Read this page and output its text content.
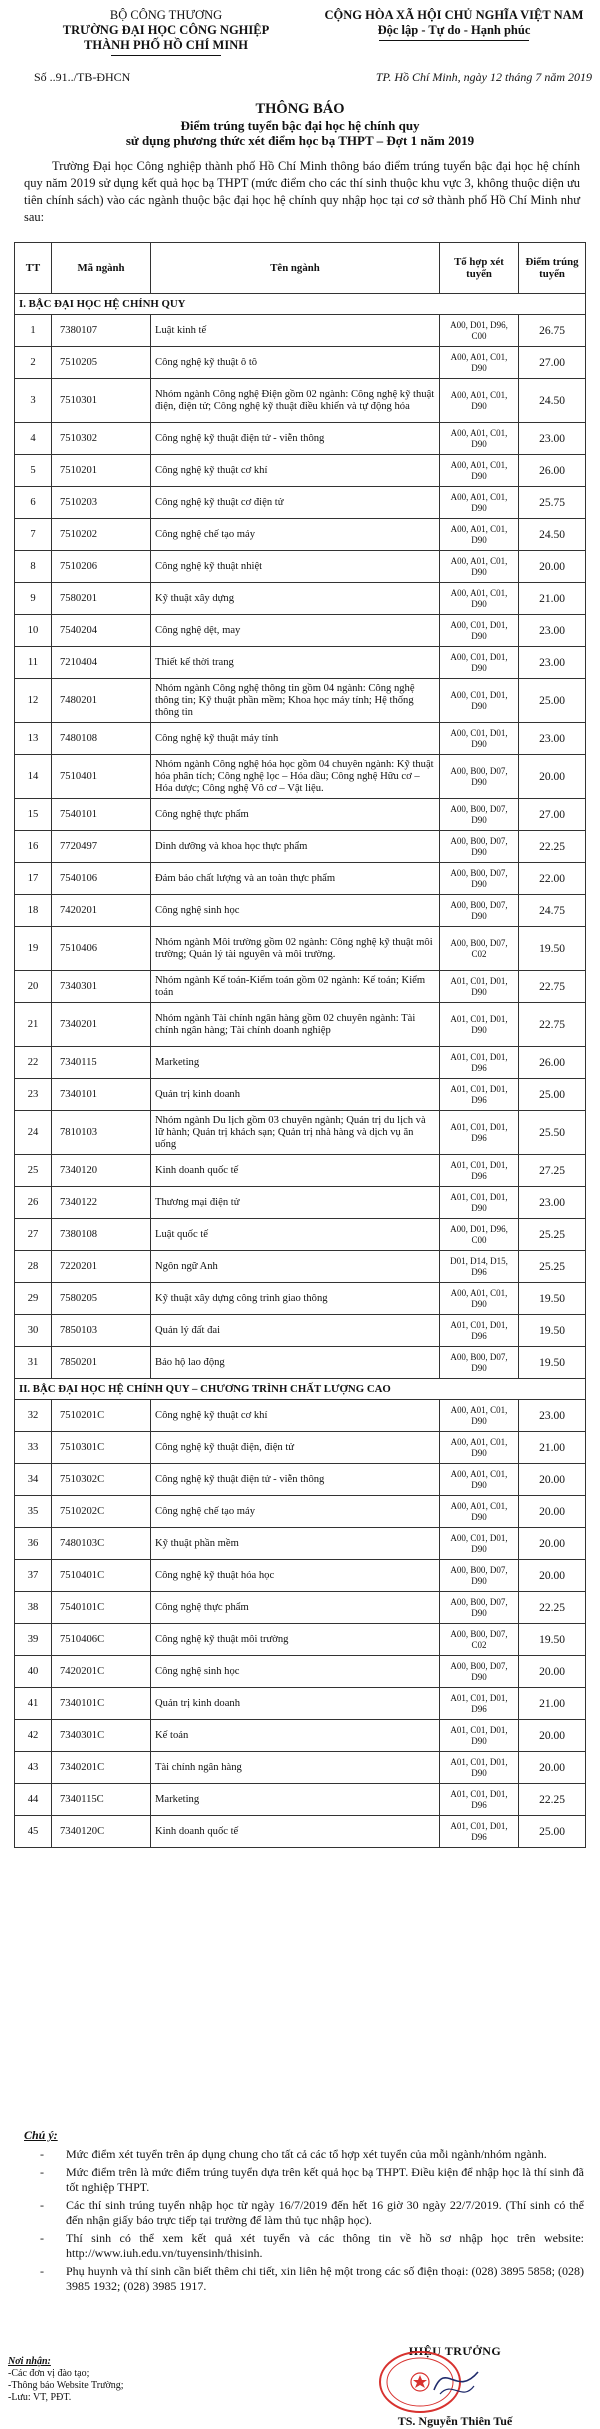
BỘ CÔNG THƯƠNG
TRƯỜNG ĐẠI HỌC CÔNG NGHIỆP
THÀNH PHỐ HỒ CHÍ MINH
CỘNG HÒA XÃ HỘI CHỦ NGHĨA VIỆT NAM
Độc lập - Tự do - Hạnh phúc
Số ..91../TB-ĐHCN	TP. Hồ Chí Minh, ngày 12 tháng 7 năm 2019
THÔNG BÁO
Điểm trúng tuyển bậc đại học hệ chính quy
sử dụng phương thức xét điểm học bạ THPT – Đợt 1 năm 2019
Trường Đại học Công nghiệp thành phố Hồ Chí Minh thông báo điểm trúng tuyển bậc đại học hệ chính quy năm 2019 sử dụng kết quả học bạ THPT (mức điểm cho các thí sinh thuộc khu vực 3, không thuộc diện ưu tiên chính sách) vào các ngành thuộc bậc đại học hệ chính quy nhập học tại cơ sở thành phố Hồ Chí Minh như sau:
TT	Mã ngành	Tên ngành	Tổ hợp xét tuyển	Điểm trúng tuyển
I. BẬC ĐẠI HỌC HỆ CHÍNH QUY				
1	7380107	Luật kinh tế	A00, D01, D96, C00	26.75
2	7510205	Công nghệ kỹ thuật ô tô	A00, A01, C01, D90	27.00
3	7510301	Nhóm ngành Công nghệ Điện gồm 02 ngành: Công nghệ kỹ thuật điện, điện tử; Công nghệ kỹ thuật điều khiển và tự động hóa	A00, A01, C01, D90	24.50
4	7510302	Công nghệ kỹ thuật điện tử - viễn thông	A00, A01, C01, D90	23.00
5	7510201	Công nghệ kỹ thuật cơ khí	A00, A01, C01, D90	26.00
6	7510203	Công nghệ kỹ thuật cơ điện tử	A00, A01, C01, D90	25.75
7	7510202	Công nghệ chế tạo máy	A00, A01, C01, D90	24.50
8	7510206	Công nghệ kỹ thuật nhiệt	A00, A01, C01, D90	20.00
9	7580201	Kỹ thuật xây dựng	A00, A01, C01, D90	21.00
10	7540204	Công nghệ dệt, may	A00, C01, D01, D90	23.00
11	7210404	Thiết kế thời trang	A00, C01, D01, D90	23.00
12	7480201	Nhóm ngành Công nghệ thông tin gồm 04 ngành: Công nghệ thông tin; Kỹ thuật phần mềm; Khoa học máy tính; Hệ thống thông tin	A00, C01, D01, D90	25.00
13	7480108	Công nghệ kỹ thuật máy tính	A00, C01, D01, D90	23.00
14	7510401	Nhóm ngành Công nghệ hóa học gồm 04 chuyên ngành: Kỹ thuật hóa phân tích; Công nghệ lọc – Hóa dầu; Công nghệ Hữu cơ – Hóa dược; Công nghệ Vô cơ – Vật liệu.	A00, B00, D07, D90	20.00
15	7540101	Công nghệ thực phẩm	A00, B00, D07, D90	27.00
16	7720497	Dinh dưỡng và khoa học thực phẩm	A00, B00, D07, D90	22.25
17	7540106	Đảm bảo chất lượng và an toàn thực phẩm	A00, B00, D07, D90	22.00
18	7420201	Công nghệ sinh học	A00, B00, D07, D90	24.75
19	7510406	Nhóm ngành Môi trường gồm 02 ngành: Công nghệ kỹ thuật môi trường; Quản lý tài nguyên và môi trường.	A00, B00, D07, C02	19.50
20	7340301	Nhóm ngành Kế toán-Kiểm toán gồm 02 ngành: Kế toán; Kiểm toán	A01, C01, D01, D90	22.75
21	7340201	Nhóm ngành Tài chính ngân hàng gồm 02 chuyên ngành: Tài chính ngân hàng; Tài chính doanh nghiệp	A01, C01, D01, D90	22.75
22	7340115	Marketing	A01, C01, D01, D96	26.00
23	7340101	Quản trị kinh doanh	A01, C01, D01, D96	25.00
24	7810103	Nhóm ngành Du lịch gồm 03 chuyên ngành; Quản trị du lịch và lữ hành; Quản trị khách sạn; Quản trị nhà hàng và dịch vụ ăn uống	A01, C01, D01, D96	25.50
25	7340120	Kinh doanh quốc tế	A01, C01, D01, D96	27.25
26	7340122	Thương mại điện tử	A01, C01, D01, D90	23.00
27	7380108	Luật quốc tế	A00, D01, D96, C00	25.25
28	7220201	Ngôn ngữ Anh	D01, D14, D15, D96	25.25
29	7580205	Kỹ thuật xây dựng công trình giao thông	A00, A01, C01, D90	19.50
30	7850103	Quản lý đất đai	A01, C01, D01, D96	19.50
31	7850201	Bảo hộ lao động	A00, B00, D07, D90	19.50
II. BẬC ĐẠI HỌC HỆ CHÍNH QUY – CHƯƠNG TRÌNH CHẤT LƯỢNG CAO				
32	7510201C	Công nghệ kỹ thuật cơ khí	A00, A01, C01, D90	23.00
33	7510301C	Công nghệ kỹ thuật điện, điện tử	A00, A01, C01, D90	21.00
34	7510302C	Công nghệ kỹ thuật điện tử - viễn thông	A00, A01, C01, D90	20.00
35	7510202C	Công nghệ chế tạo máy	A00, A01, C01, D90	20.00
36	7480103C	Kỹ thuật phần mềm	A00, C01, D01, D90	20.00
37	7510401C	Công nghệ kỹ thuật hóa học	A00, B00, D07, D90	20.00
38	7540101C	Công nghệ thực phẩm	A00, B00, D07, D90	22.25
39	7510406C	Công nghệ kỹ thuật môi trường	A00, B00, D07, C02	19.50
40	7420201C	Công nghệ sinh học	A00, B00, D07, D90	20.00
41	7340101C	Quản trị kinh doanh	A01, C01, D01, D96	21.00
42	7340301C	Kế toán	A01, C01, D01, D90	20.00
43	7340201C	Tài chính ngân hàng	A01, C01, D01, D90	20.00
44	7340115C	Marketing	A01, C01, D01, D96	22.25
45	7340120C	Kinh doanh quốc tế	A01, C01, D01, D96	25.00
Chú ý:
- Mức điểm xét tuyển trên áp dụng chung cho tất cả các tổ hợp xét tuyển của mỗi ngành/nhóm ngành.
- Mức điểm trên là mức điểm trúng tuyển dựa trên kết quả học bạ THPT. Điều kiện để nhập học là thí sinh đã tốt nghiệp THPT.
- Các thí sinh trúng tuyển nhập học từ ngày 16/7/2019 đến hết 16 giờ 30 ngày 22/7/2019. (Thí sinh có thể đến nhận giấy báo trực tiếp tại trường để làm thủ tục nhập học).
- Thí sinh có thể xem kết quả xét tuyển và các thông tin về hồ sơ nhập học trên website: http://www.iuh.edu.vn/tuyensinh/thisinh.
- Phụ huynh và thí sinh cần biết thêm chi tiết, xin liên hệ một trong các số điện thoại: (028) 3895 5858; (028) 3985 1932; (028) 3985 1917.
Nơi nhận:
-Các đơn vị đào tạo;
-Thông báo Website Trường;
-Lưu: VT, PĐT.
HIỆU TRƯỞNG
TS. Nguyễn Thiên Tuế
